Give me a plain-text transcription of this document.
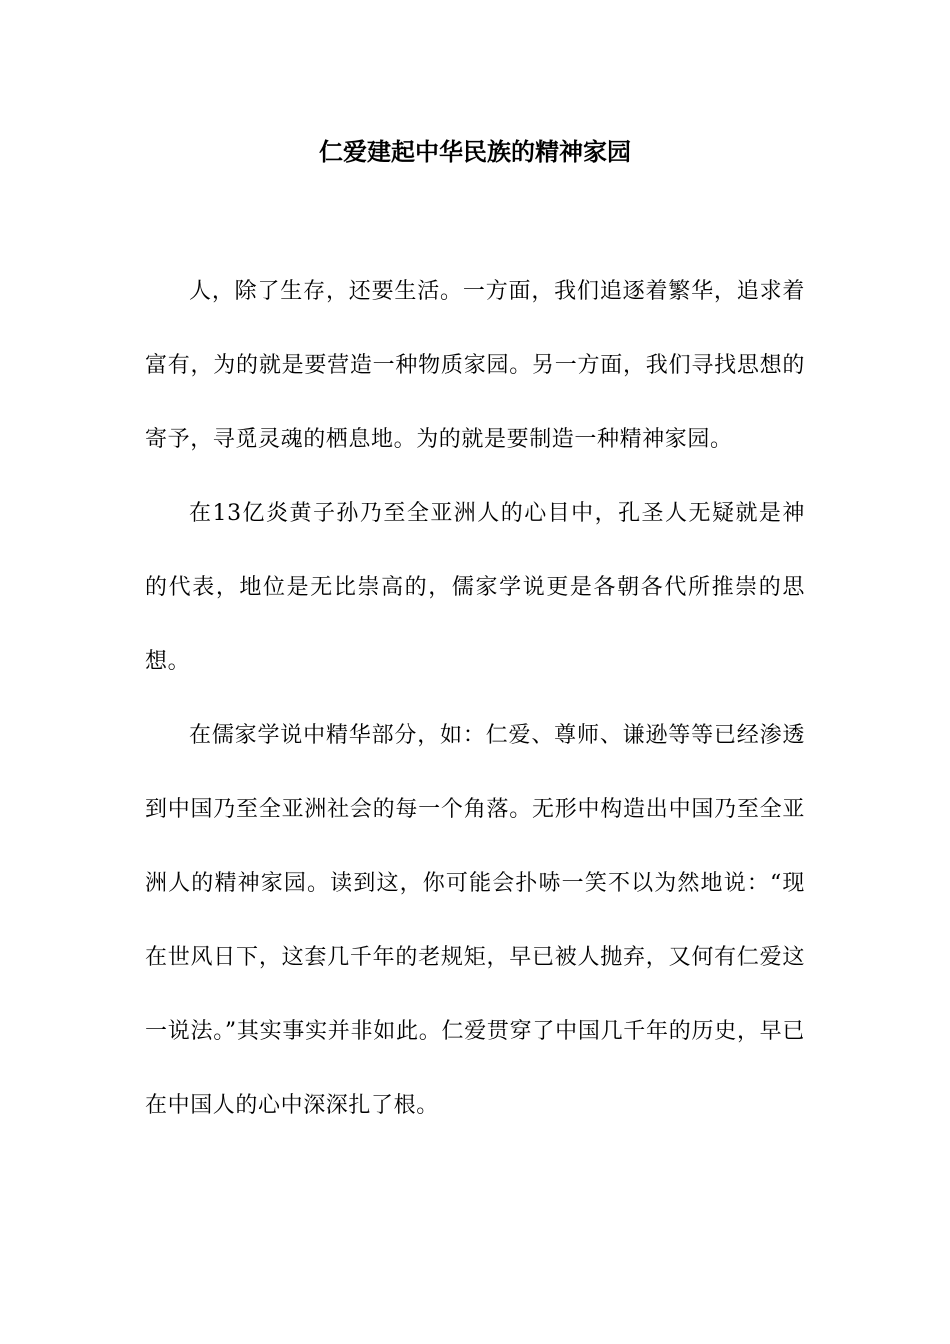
仁爱建起中华民族的精神家园

人，除了生存，还要生活。一方面，我们追逐着繁华，追求着富有，为的就是要营造一种物质家园。另一方面，我们寻找思想的寄予，寻觅灵魂的栖息地。为的就是要制造一种精神家园。

在13亿炎黄子孙乃至全亚洲人的心目中，孔圣人无疑就是神的代表，地位是无比崇高的，儒家学说更是各朝各代所推崇的思想。

在儒家学说中精华部分，如：仁爱、尊师、谦逊等等已经渗透到中国乃至全亚洲社会的每一个角落。无形中构造出中国乃至全亚洲人的精神家园。读到这，你可能会扑哧一笑不以为然地说：“现在世风日下，这套几千年的老规矩，早已被人抛弃，又何有仁爱这一说法。”其实事实并非如此。仁爱贯穿了中国几千年的历史，早已在中国人的心中深深扎了根。
